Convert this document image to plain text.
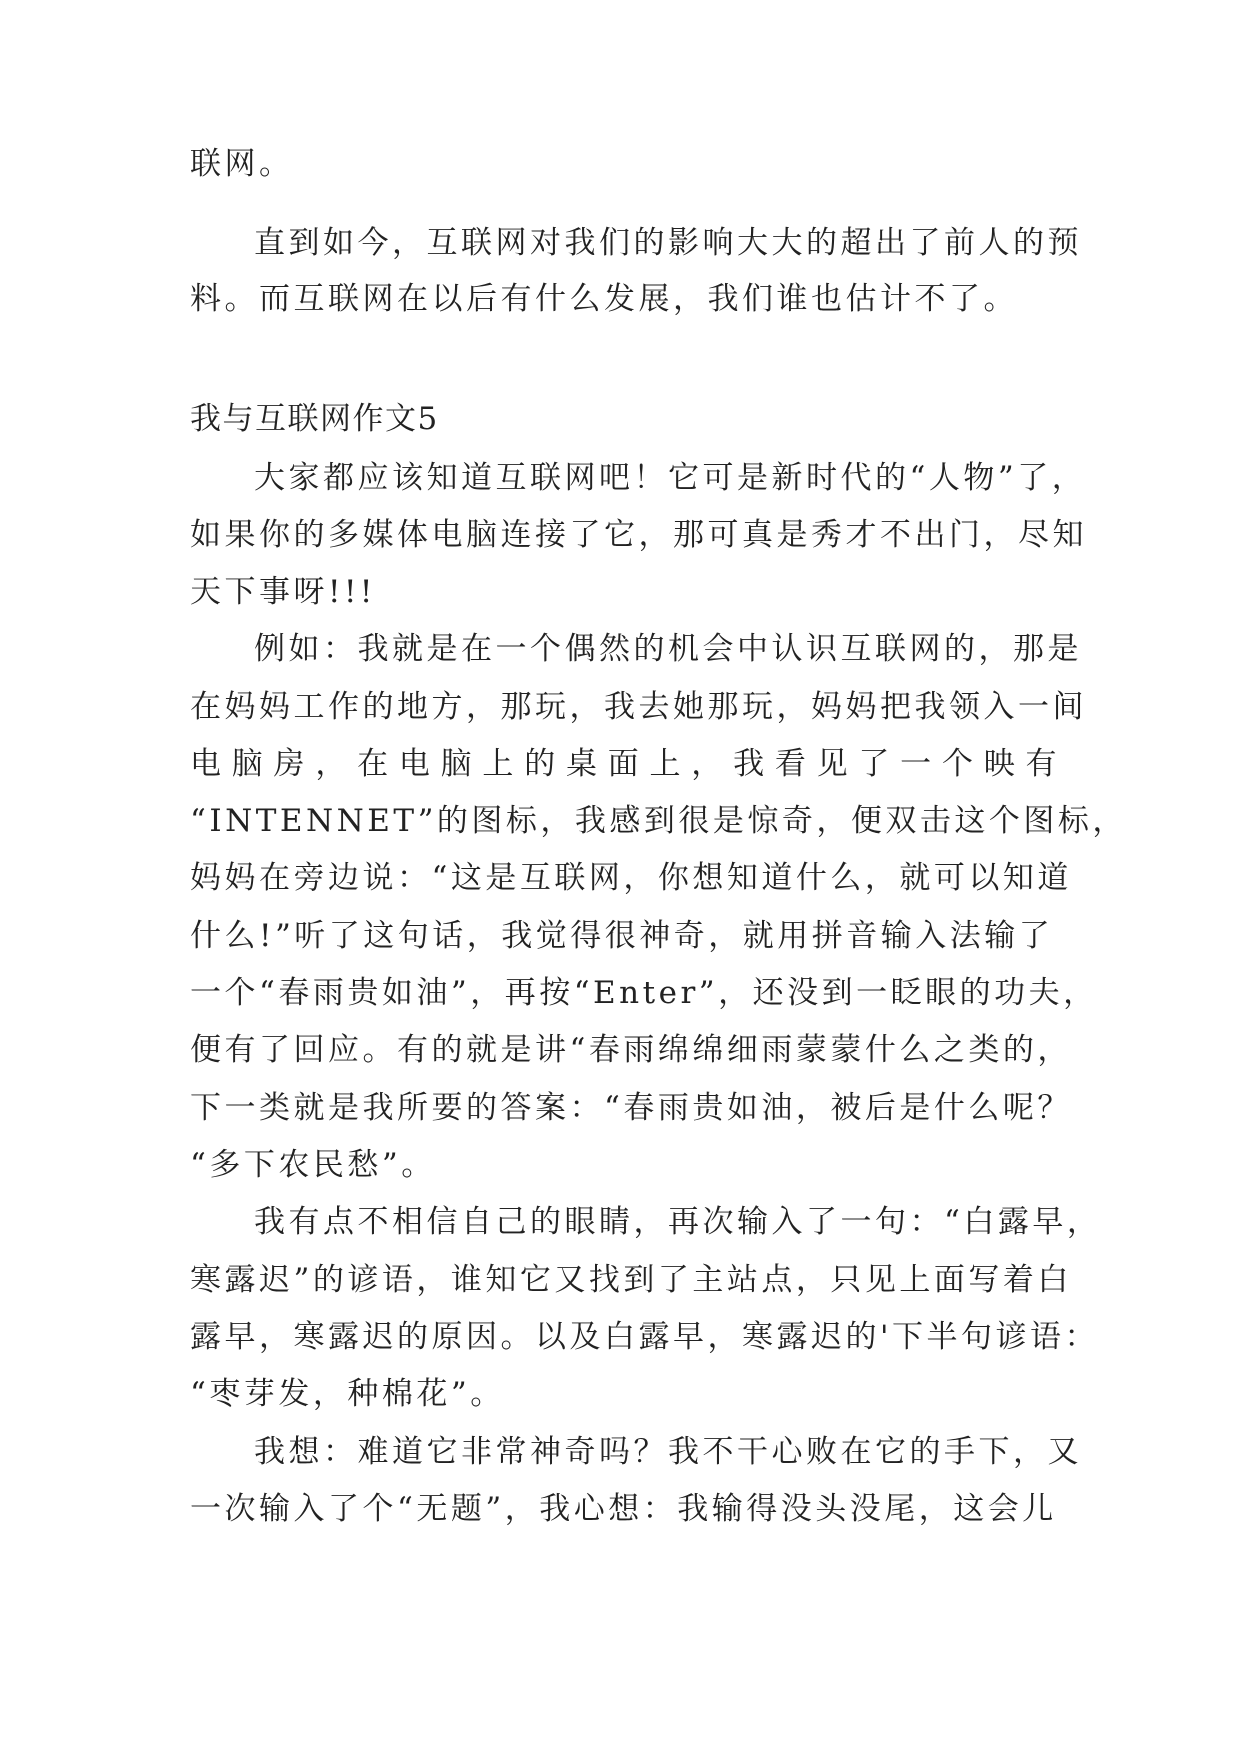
联网。
直到如今，互联网对我们的影响大大的超出了前人的预
料。而互联网在以后有什么发展，我们谁也估计不了。
我与互联网作文5
大家都应该知道互联网吧！它可是新时代的“人物”了，
如果你的多媒体电脑连接了它，那可真是秀才不出门，尽知
天下事呀!!!
例如：我就是在一个偶然的机会中认识互联网的，那是
在妈妈工作的地方，那玩，我去她那玩，妈妈把我领入一间
电脑房，在电脑上的桌面上，我看见了一个映有
“INTENNET”的图标，我感到很是惊奇，便双击这个图标，
妈妈在旁边说：“这是互联网，你想知道什么，就可以知道
什么!”听了这句话，我觉得很神奇，就用拼音输入法输了
一个“春雨贵如油”，再按“Enter”，还没到一眨眼的功夫，
便有了回应。有的就是讲“春雨绵绵细雨蒙蒙什么之类的，
下一类就是我所要的答案：“春雨贵如油，被后是什么呢？
“多下农民愁”。
我有点不相信自己的眼睛，再次输入了一句：“白露早，
寒露迟”的谚语，谁知它又找到了主站点，只见上面写着白
露早，寒露迟的原因。以及白露早，寒露迟的'下半句谚语：
“枣芽发，种棉花”。
我想：难道它非常神奇吗？我不干心败在它的手下，又
一次输入了个“无题”，我心想：我输得没头没尾，这会儿
